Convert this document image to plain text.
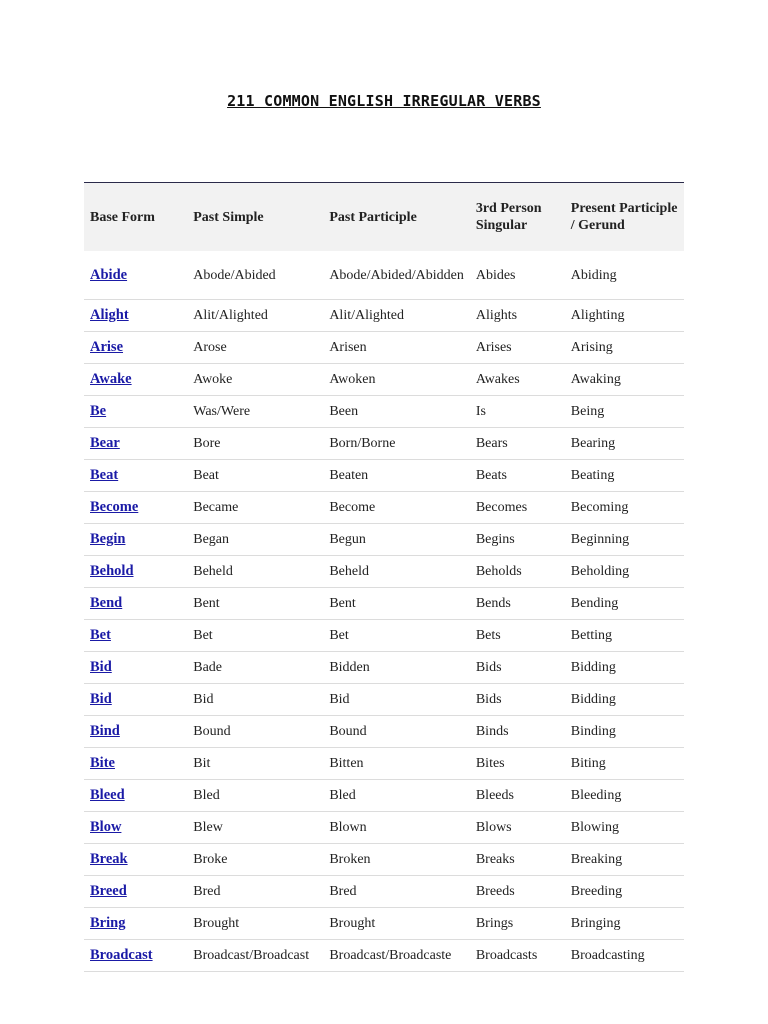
211 COMMON ENGLISH IRREGULAR VERBS
Base Form	Past Simple	Past Participle	3rd Person Singular	Present Participle / Gerund
Abide	Abode/Abided	Abode/Abided/Abidden	Abides	Abiding
Alight	Alit/Alighted	Alit/Alighted	Alights	Alighting
Arise	Arose	Arisen	Arises	Arising
Awake	Awoke	Awoken	Awakes	Awaking
Be	Was/Were	Been	Is	Being
Bear	Bore	Born/Borne	Bears	Bearing
Beat	Beat	Beaten	Beats	Beating
Become	Became	Become	Becomes	Becoming
Begin	Began	Begun	Begins	Beginning
Behold	Beheld	Beheld	Beholds	Beholding
Bend	Bent	Bent	Bends	Bending
Bet	Bet	Bet	Bets	Betting
Bid	Bade	Bidden	Bids	Bidding
Bid	Bid	Bid	Bids	Bidding
Bind	Bound	Bound	Binds	Binding
Bite	Bit	Bitten	Bites	Biting
Bleed	Bled	Bled	Bleeds	Bleeding
Blow	Blew	Blown	Blows	Blowing
Break	Broke	Broken	Breaks	Breaking
Breed	Bred	Bred	Breeds	Breeding
Bring	Brought	Brought	Brings	Bringing
Broadcast	Broadcast/Broadcast	Broadcast/Broadcaste	Broadcasts	Broadcasting
